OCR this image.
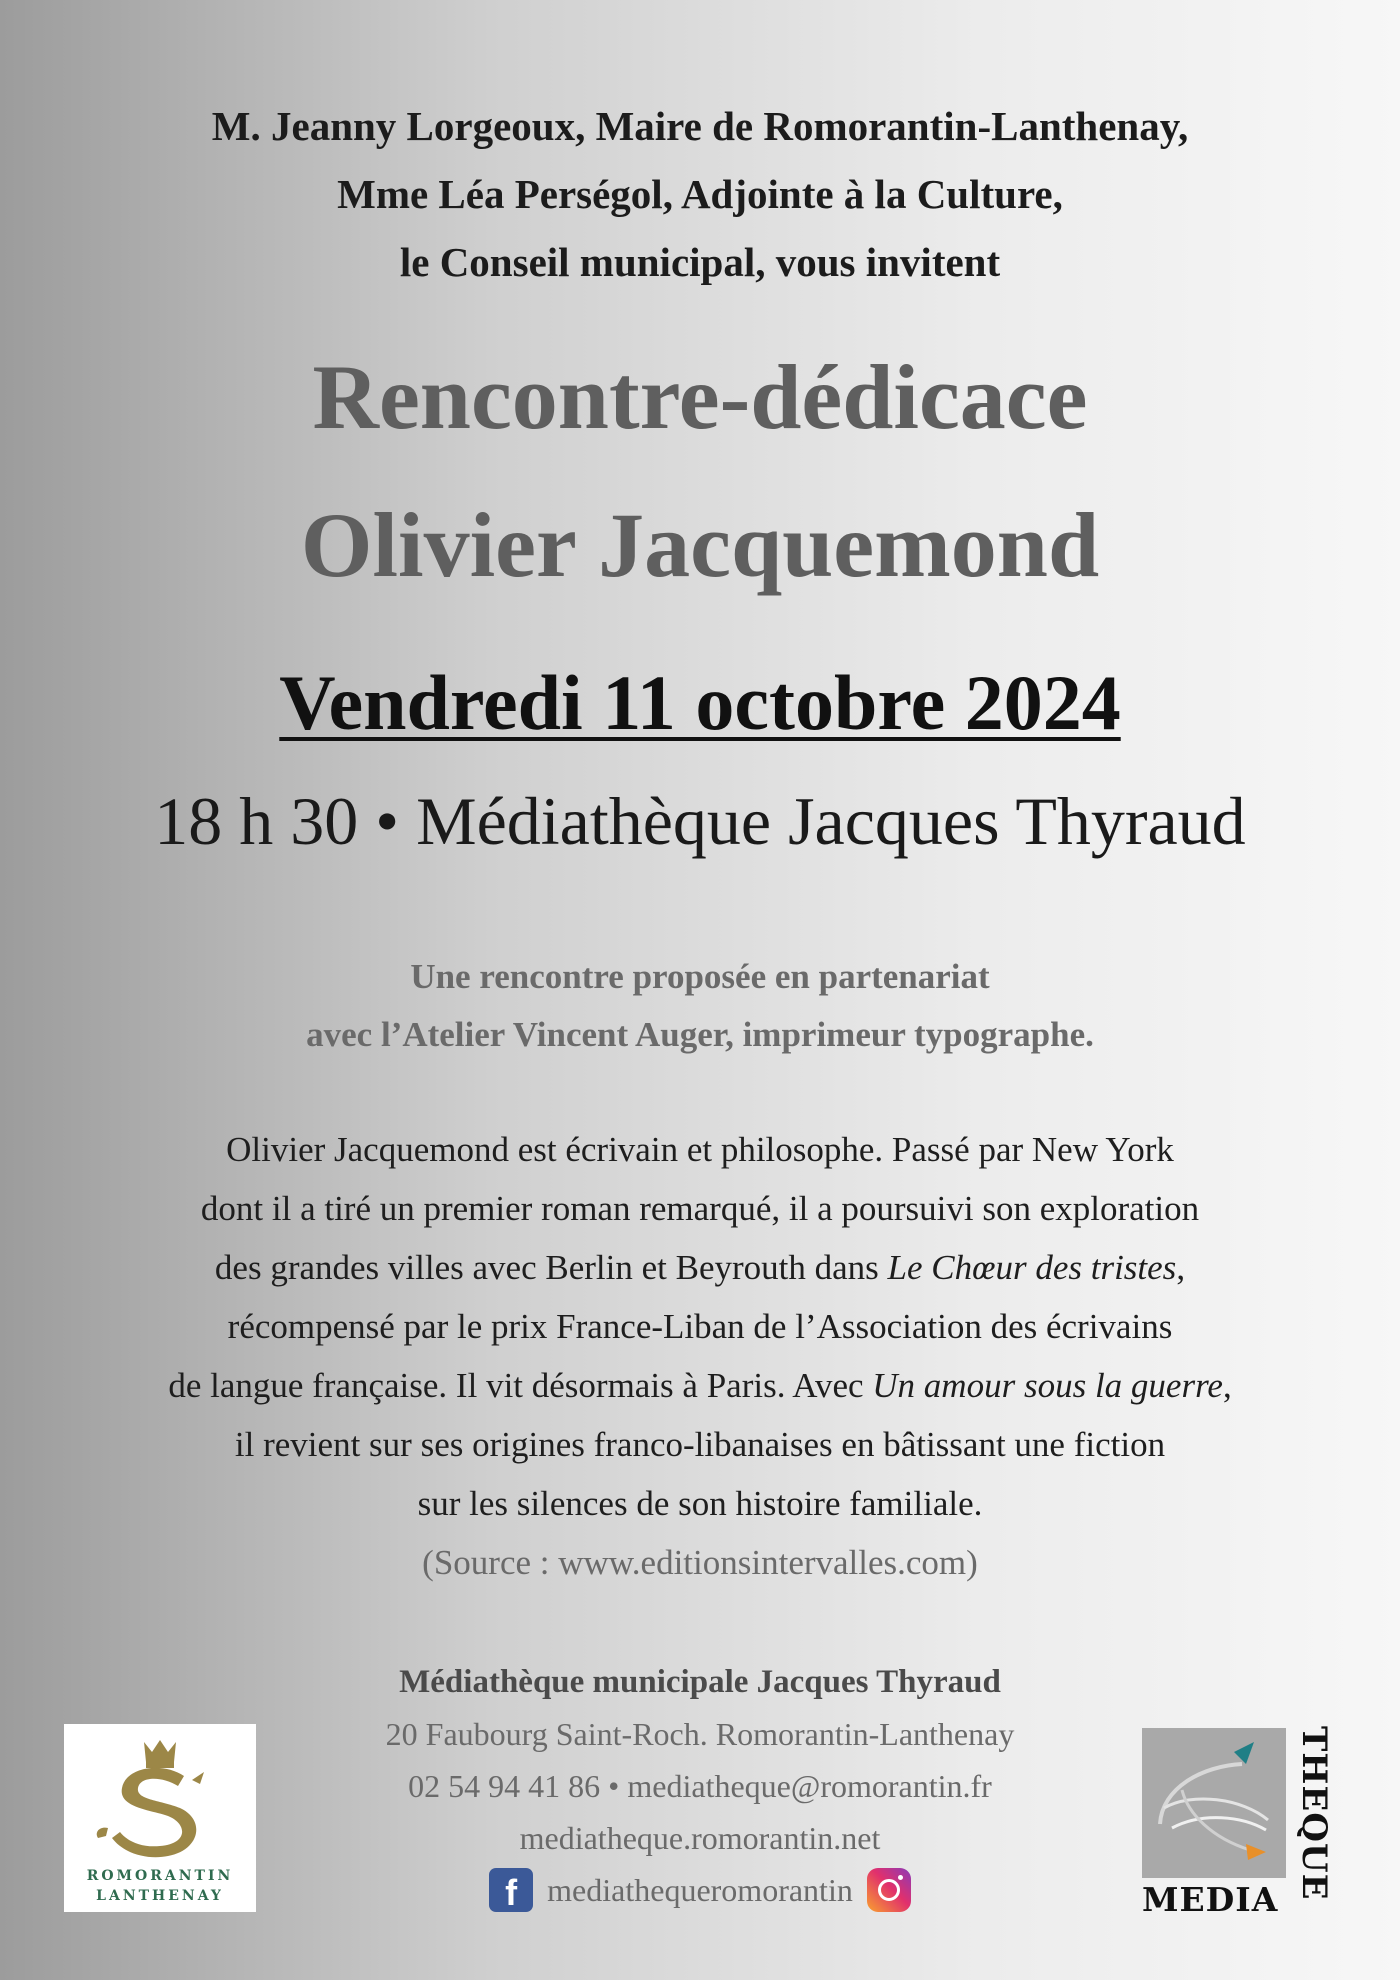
M. Jeanny Lorgeoux, Maire de Romorantin-Lanthenay,
Mme Léa Perségol, Adjointe à la Culture,
le Conseil municipal, vous invitent
Rencontre-dédicace
Olivier Jacquemond
Vendredi 11 octobre 2024
18 h 30 • Médiathèque Jacques Thyraud
Une rencontre proposée en partenariat
avec l’Atelier Vincent Auger, imprimeur typographe.
Olivier Jacquemond est écrivain et philosophe. Passé par New York
dont il a tiré un premier roman remarqué, il a poursuivi son exploration
des grandes villes avec Berlin et Beyrouth dans Le Chœur des tristes,
récompensé par le prix France-Liban de l’Association des écrivains
de langue française. Il vit désormais à Paris. Avec Un amour sous la guerre,
il revient sur ses origines franco-libanaises en bâtissant une fiction
sur les silences de son histoire familiale.
(Source : www.editionsintervalles.com)
Médiathèque municipale Jacques Thyraud
20 Faubourg Saint-Roch. Romorantin-Lanthenay
02 54 94 41 86 • mediatheque@romorantin.fr
mediatheque.romorantin.net
f mediathequeromorantin
ROMORANTIN
LANTHENAY	MEDIA THEQUE
